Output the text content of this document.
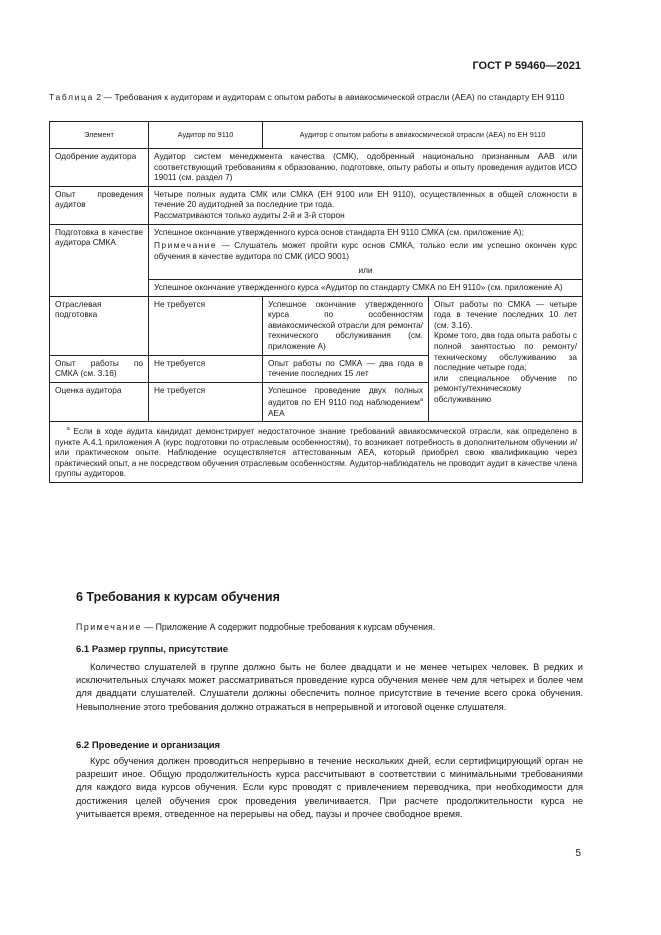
ГОСТ Р 59460—2021
Таблица 2 — Требования к аудиторам и аудиторам с опытом работы в авиакосмической отрасли (АЕА) по стандарту ЕН 9110
Элемент	Аудитор по 9110	Аудитор с опытом работы в авиакосмической отрасли (АЕА) по ЕН 9110	
Одобрение аудитора	Аудитор систем менеджмента качества (СМК), одобренный национально признанным ААВ или соответствующий требованиям к образованию, подготовке, опыту работы и опыту проведения аудитов ИСО 19011 (см. раздел 7)		
Опыт проведения аудитов	Четыре полных аудита СМК или СМКА (ЕН 9100 или ЕН 9110), осуществленных в общей сложности в течение 20 аудитодней за последние три года.

Рассматриваются только аудиты 2-й и 3-й сторон		

Подготовка в качестве аудитора СМКА	Успешное окончание утвержденного курса основ стандарта ЕН 9110 СМКА (см. приложение А);

Примечание — Слушатель может пройти курс основ СМКА, только если им успешно окончен курс обучения в качестве аудитора по СМК (ИСО 9001)

или		

	Успешное окончание утвержденного курса «Аудитор по стандарту СМКА по ЕН 9110» (см. приложение А)		
Отраслевая подготовка	Не требуется	Успешное окончание утвержденного курса по особенностям авиакосмической отрасли для ремонта/технического обслуживания (см. приложение А)	Опыт работы по СМКА — четыре года в течение последних 10 лет (см. 3.16).

Кроме того, два года опыта работы с полной занятостью по ремонту/техническому обслуживанию за последние четыре года;

или специальное обучение по ремонту/техническому обслуживанию

Опыт работы по СМКА (см. 3.16)	Не требуется	Опыт работы по СМКА — два года в течение последних 15 лет	
Оценка аудитора	Не требуется	Успешное проведение двух полных аудитов по ЕН 9110 под наблюдением$^а$ АЕА	
$^а$ Если в ходе аудита кандидат демонстрирует недостаточное знание требований авиакосмической отрасли, как определено в пункте А.4.1 приложения А (курс подготовки по отраслевым особенностям), то возникает потребность в дополнительном обучении и/или практическом опыте. Наблюдение осуществляется аттестованным АЕА, который приобрел свою квалификацию через практический опыт, а не посредством обучения отраслевым особенностям. Аудитор-наблюдатель не проводит аудит в качестве члена группы аудиторов.			
6 Требования к курсам обучения
Примечание — Приложение А содержит подробные требования к курсам обучения.
6.1 Размер группы, присутствие

Количество слушателей в группе должно быть не более двадцати и не менее четырех человек. В редких и исключительных случаях может рассматриваться проведение курса обучения менее чем для четырех и более чем для двадцати слушателей. Слушатели должны обеспечить полное присутствие в течение всего срока обучения. Невыполнение этого требования должно отражаться в непрерывной и итоговой оценке слушателя.

6.2 Проведение и организация

Курс обучения должен проводиться непрерывно в течение нескольких дней, если сертифицирующий орган не разрешит иное. Общую продолжительность курса рассчитывают в соответствии с минимальными требованиями для каждого вида курсов обучения. Если курс проводят с привлечением переводчика, при необходимости для достижения целей обучения срок проведения увеличивается. При расчете продолжительности курса не учитывается время, отведенное на перерывы на обед, паузы и прочее свободное время.

5
